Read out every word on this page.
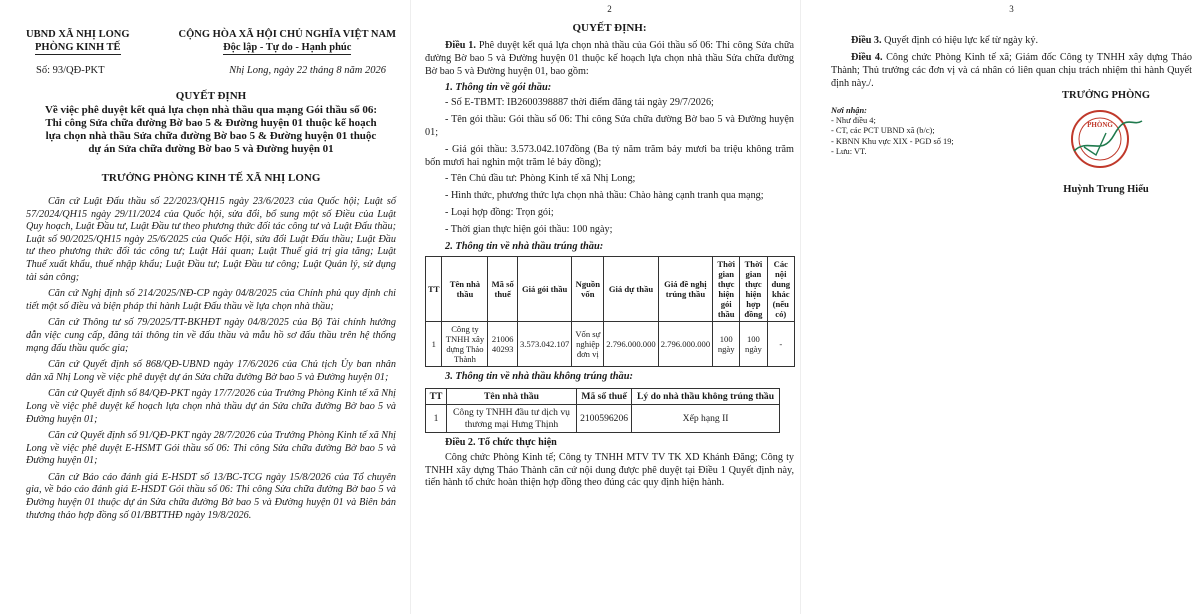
UBND XÃ NHỊ LONG
PHÒNG KINH TẾ
CỘNG HÒA XÃ HỘI CHỦ NGHĨA VIỆT NAM
Độc lập - Tự do - Hạnh phúc
Số: 93/QĐ-PKT	Nhị Long, ngày 22 tháng 8 năm 2026
QUYẾT ĐỊNH
Về việc phê duyệt kết quả lựa chọn nhà thầu qua mạng Gói thầu số 06: Thi công Sửa chữa đường Bờ bao 5 & Đường huyện 01 thuộc kế hoạch lựa chọn nhà thầu Sửa chữa đường Bờ bao 5 & Đường huyện 01 thuộc dự án Sửa chữa đường Bờ bao 5 và Đường huyện 01
TRƯỞNG PHÒNG KINH TẾ XÃ NHỊ LONG

Căn cứ Luật Đấu thầu số 22/2023/QH15 ngày 23/6/2023 của Quốc hội; Luật số 57/2024/QH15 ngày 29/11/2024 của Quốc hội, sửa đổi, bổ sung một số Điều của Luật Quy hoạch, Luật Đầu tư, Luật Đầu tư theo phương thức đối tác công tư và Luật Đấu thầu; Luật số 90/2025/QH15 ngày 25/6/2025 của Quốc Hội, sửa đổi Luật Đấu thầu; Luật Đầu tư theo phương thức đối tác công tư; Luật Hải quan; Luật Thuế giá trị gia tăng; Luật Thuế xuất khẩu, thuế nhập khẩu; Luật Đầu tư; Luật Đầu tư công; Luật Quản lý, sử dụng tài sản công;

Căn cứ Nghị định số 214/2025/NĐ-CP ngày 04/8/2025 của Chính phủ quy định chi tiết một số điều và biện pháp thi hành Luật Đấu thầu về lựa chọn nhà thầu;

Căn cứ Thông tư số 79/2025/TT-BKHĐT ngày 04/8/2025 của Bộ Tài chính hướng dẫn việc cung cấp, đăng tải thông tin về đấu thầu và mẫu hồ sơ đấu thầu trên hệ thống mạng đấu thầu quốc gia;

Căn cứ Quyết định số 868/QĐ-UBND ngày 17/6/2026 của Chủ tịch Ủy ban nhân dân xã Nhị Long về việc phê duyệt dự án Sửa chữa đường Bờ bao 5 và Đường huyện 01;

Căn cứ Quyết định số 84/QĐ-PKT ngày 17/7/2026 của Trưởng Phòng Kinh tế xã Nhị Long về việc phê duyệt kế hoạch lựa chọn nhà thầu dự án Sửa chữa đường Bờ bao 5 và Đường huyện 01;

Căn cứ Quyết định số 91/QĐ-PKT ngày 28/7/2026 của Trưởng Phòng Kinh tế xã Nhị Long về việc phê duyệt E-HSMT Gói thầu số 06: Thi công Sửa chữa đường Bờ bao 5 và Đường huyện 01;

Căn cứ Báo cáo đánh giá E-HSDT số 13/BC-TCG ngày 15/8/2026 của Tổ chuyên gia, về báo cáo đánh giá E-HSDT Gói thầu số 06: Thi công Sửa chữa đường Bờ bao 5 và Đường huyện 01 thuộc dự án Sửa chữa đường Bờ bao 5 và Đường huyện 01 và Biên bản thương thảo hợp đồng số 01/BBTTHĐ ngày 19/8/2026.

2
QUYẾT ĐỊNH:

Điều 1. Phê duyệt kết quả lựa chọn nhà thầu của Gói thầu số 06: Thi công Sửa chữa đường Bờ bao 5 và Đường huyện 01 thuộc kế hoạch lựa chọn nhà thầu Sửa chữa đường Bờ bao 5 và Đường huyện 01, bao gồm:

1. Thông tin về gói thầu:

- Số E-TBMT: IB2600398887 thời điểm đăng tải ngày 29/7/2026;

- Tên gói thầu: Gói thầu số 06: Thi công Sửa chữa đường Bờ bao 5 và Đường huyện 01;

- Giá gói thầu: 3.573.042.107đồng (Ba tỷ năm trăm bảy mươi ba triệu không trăm bốn mươi hai nghìn một trăm lẻ bảy đồng);

- Tên Chủ đầu tư: Phòng Kinh tế xã Nhị Long;

- Hình thức, phương thức lựa chọn nhà thầu: Chào hàng cạnh tranh qua mạng;

- Loại hợp đồng: Trọn gói;

- Thời gian thực hiện gói thầu: 100 ngày;

2. Thông tin về nhà thầu trúng thầu:
TT	Tên nhà thầu	Mã số thuế	Giá gói thầu	Nguồn vốn	Giá dự thầu	Giá đề nghị trúng thầu	Thời gian thực hiện gói thầu	Thời gian thực hiện hợp đồng	Các nội dung khác (nếu có)
1	Công ty TNHH xây dựng Thảo Thành	2100640293	3.573.042.107	Vốn sự nghiệp đơn vị	2.796.000.000	2.796.000.000	100 ngày	100 ngày	-
3. Thông tin về nhà thầu không trúng thầu:
TT	Tên nhà thầu	Mã số thuế	Lý do nhà thầu không trúng thầu
1	Công ty TNHH đầu tư dịch vụ thương mại Hưng Thịnh	2100596206	Xếp hạng II

Điều 2. Tổ chức thực hiện

Công chức Phòng Kinh tế; Công ty TNHH MTV TV TK XD Khánh Đăng; Công ty TNHH xây dựng Thảo Thành căn cứ nội dung được phê duyệt tại Điều 1 Quyết định này, tiến hành tổ chức hoàn thiện hợp đồng theo đúng các quy định hiện hành.

3

Điều 3. Quyết định có hiệu lực kể từ ngày ký.

Điều 4. Công chức Phòng Kinh tế xã; Giám đốc Công ty TNHH xây dựng Thảo Thành; Thủ trưởng các đơn vị và cá nhân có liên quan chịu trách nhiệm thi hành Quyết định này./.

Nơi nhận:
- Như điều 4;
- CT, các PCT UBND xã (b/c);
- KBNN Khu vực XIX - PGD số 19;
- Lưu: VT.
TRƯỞNG PHÒNG
PHÒNG
Huỳnh Trung Hiếu
